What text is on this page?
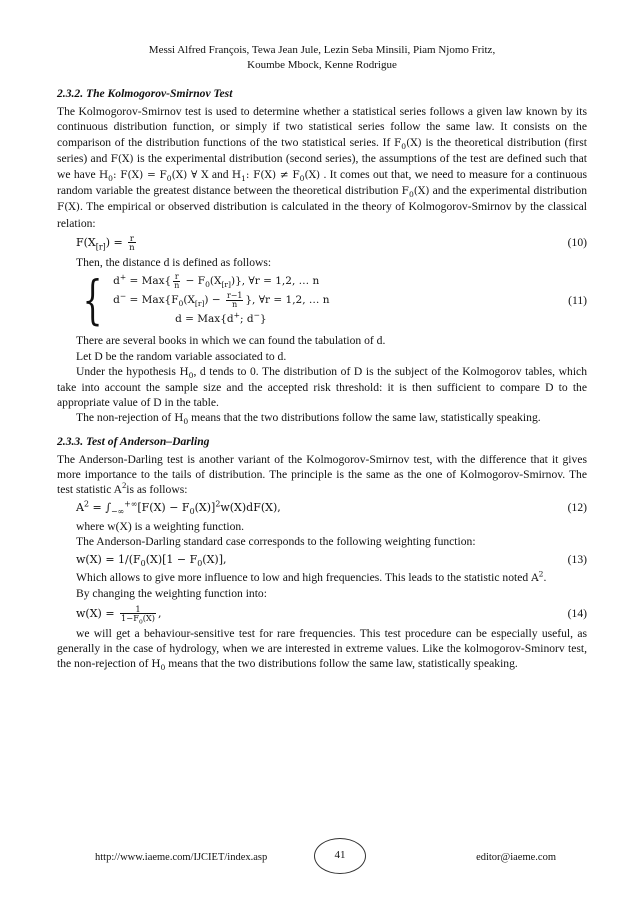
Messi Alfred François, Tewa Jean Jule, Lezin Seba Minsili, Piam Njomo Fritz,
Koumbe Mbock, Kenne Rodrigue
2.3.2. The Kolmogorov-Smirnov Test

The Kolmogorov-Smirnov test is used to determine whether a statistical series follows a given law known by its continuous distribution function, or simply if two statistical series follow the same law. It consists on the comparison of the distribution functions of the two statistical series. If $F_0(X)$ is the theoretical distribution (first series) and F(X) is the experimental distribution (second series), the assumptions of the test are defined such that we have $H_0$: $F(X) = F_0(X)$ ∀ X and $H_1$: $F(X) \ne F_0(X)$ . It comes out that, we need to measure for a continuous random variable the greatest distance between the theoretical distribution $F_0(X)$ and the experimental distribution F(X). The empirical or observed distribution is calculated in the theory of Kolmogorov-Smirnov by the classical relation:

$F(X_{[r]}) = \frac{r}{n}$	(10)

Then, the distance d is defined as follows:

{ $d^+ = Max\{ \frac{r}{n} - F_0(X_{[r]})\}$, ∀r = 1,2, … n
$d^- = Max\{F_0(X_{[r]}) - \frac{r-1}{n}$ }, ∀r = 1,2, … n
d = Max{d+; d−}
(11)

There are several books in which we can found the tabulation of d.

Let D be the random variable associated to d.

Under the hypothesis $H_0$, d tends to 0. The distribution of D is the subject of the Kolmogorov tables, which take into account the sample size and the accepted risk threshold: it is then sufficient to compare D to the appropriate value of D in the table.

The non-rejection of $H_0$ means that the two distributions follow the same law, statistically speaking.

2.3.3. Test of Anderson–Darling

The Anderson-Darling test is another variant of the Kolmogorov-Smirnov test, with the difference that it gives more importance to the tails of distribution. The principle is the same as the one of Kolmogorov-Smirnov. The test statistic $A^2is$ as follows:

$A^2 = \int_{-\infty}^{+\infty}[F(X) - F_0(X)]^2w(X)dF(X)$,	(12)

where w(X) is a weighting function.

The Anderson-Darling standard case corresponds to the following weighting function:

$w(X) = 1/(F_0(X)[1 - F_0(X)]$,	(13)

Which allows to give more influence to low and high frequencies. This leads to the statistic noted $A^2$.

By changing the weighting function into:

$w(X) = \frac{1}{1-F_0(X)}$ ,	(14)

we will get a behaviour-sensitive test for rare frequencies. This test procedure can be especially useful, as generally in the case of hydrology, when we are interested in extreme values. Like the kolmogorov-Sminorv test, the non-rejection of $H_0$ means that the two distributions follow the same law, statistically speaking.

http://www.iaeme.com/IJCIET/index.asp	41	editor@iaeme.com
